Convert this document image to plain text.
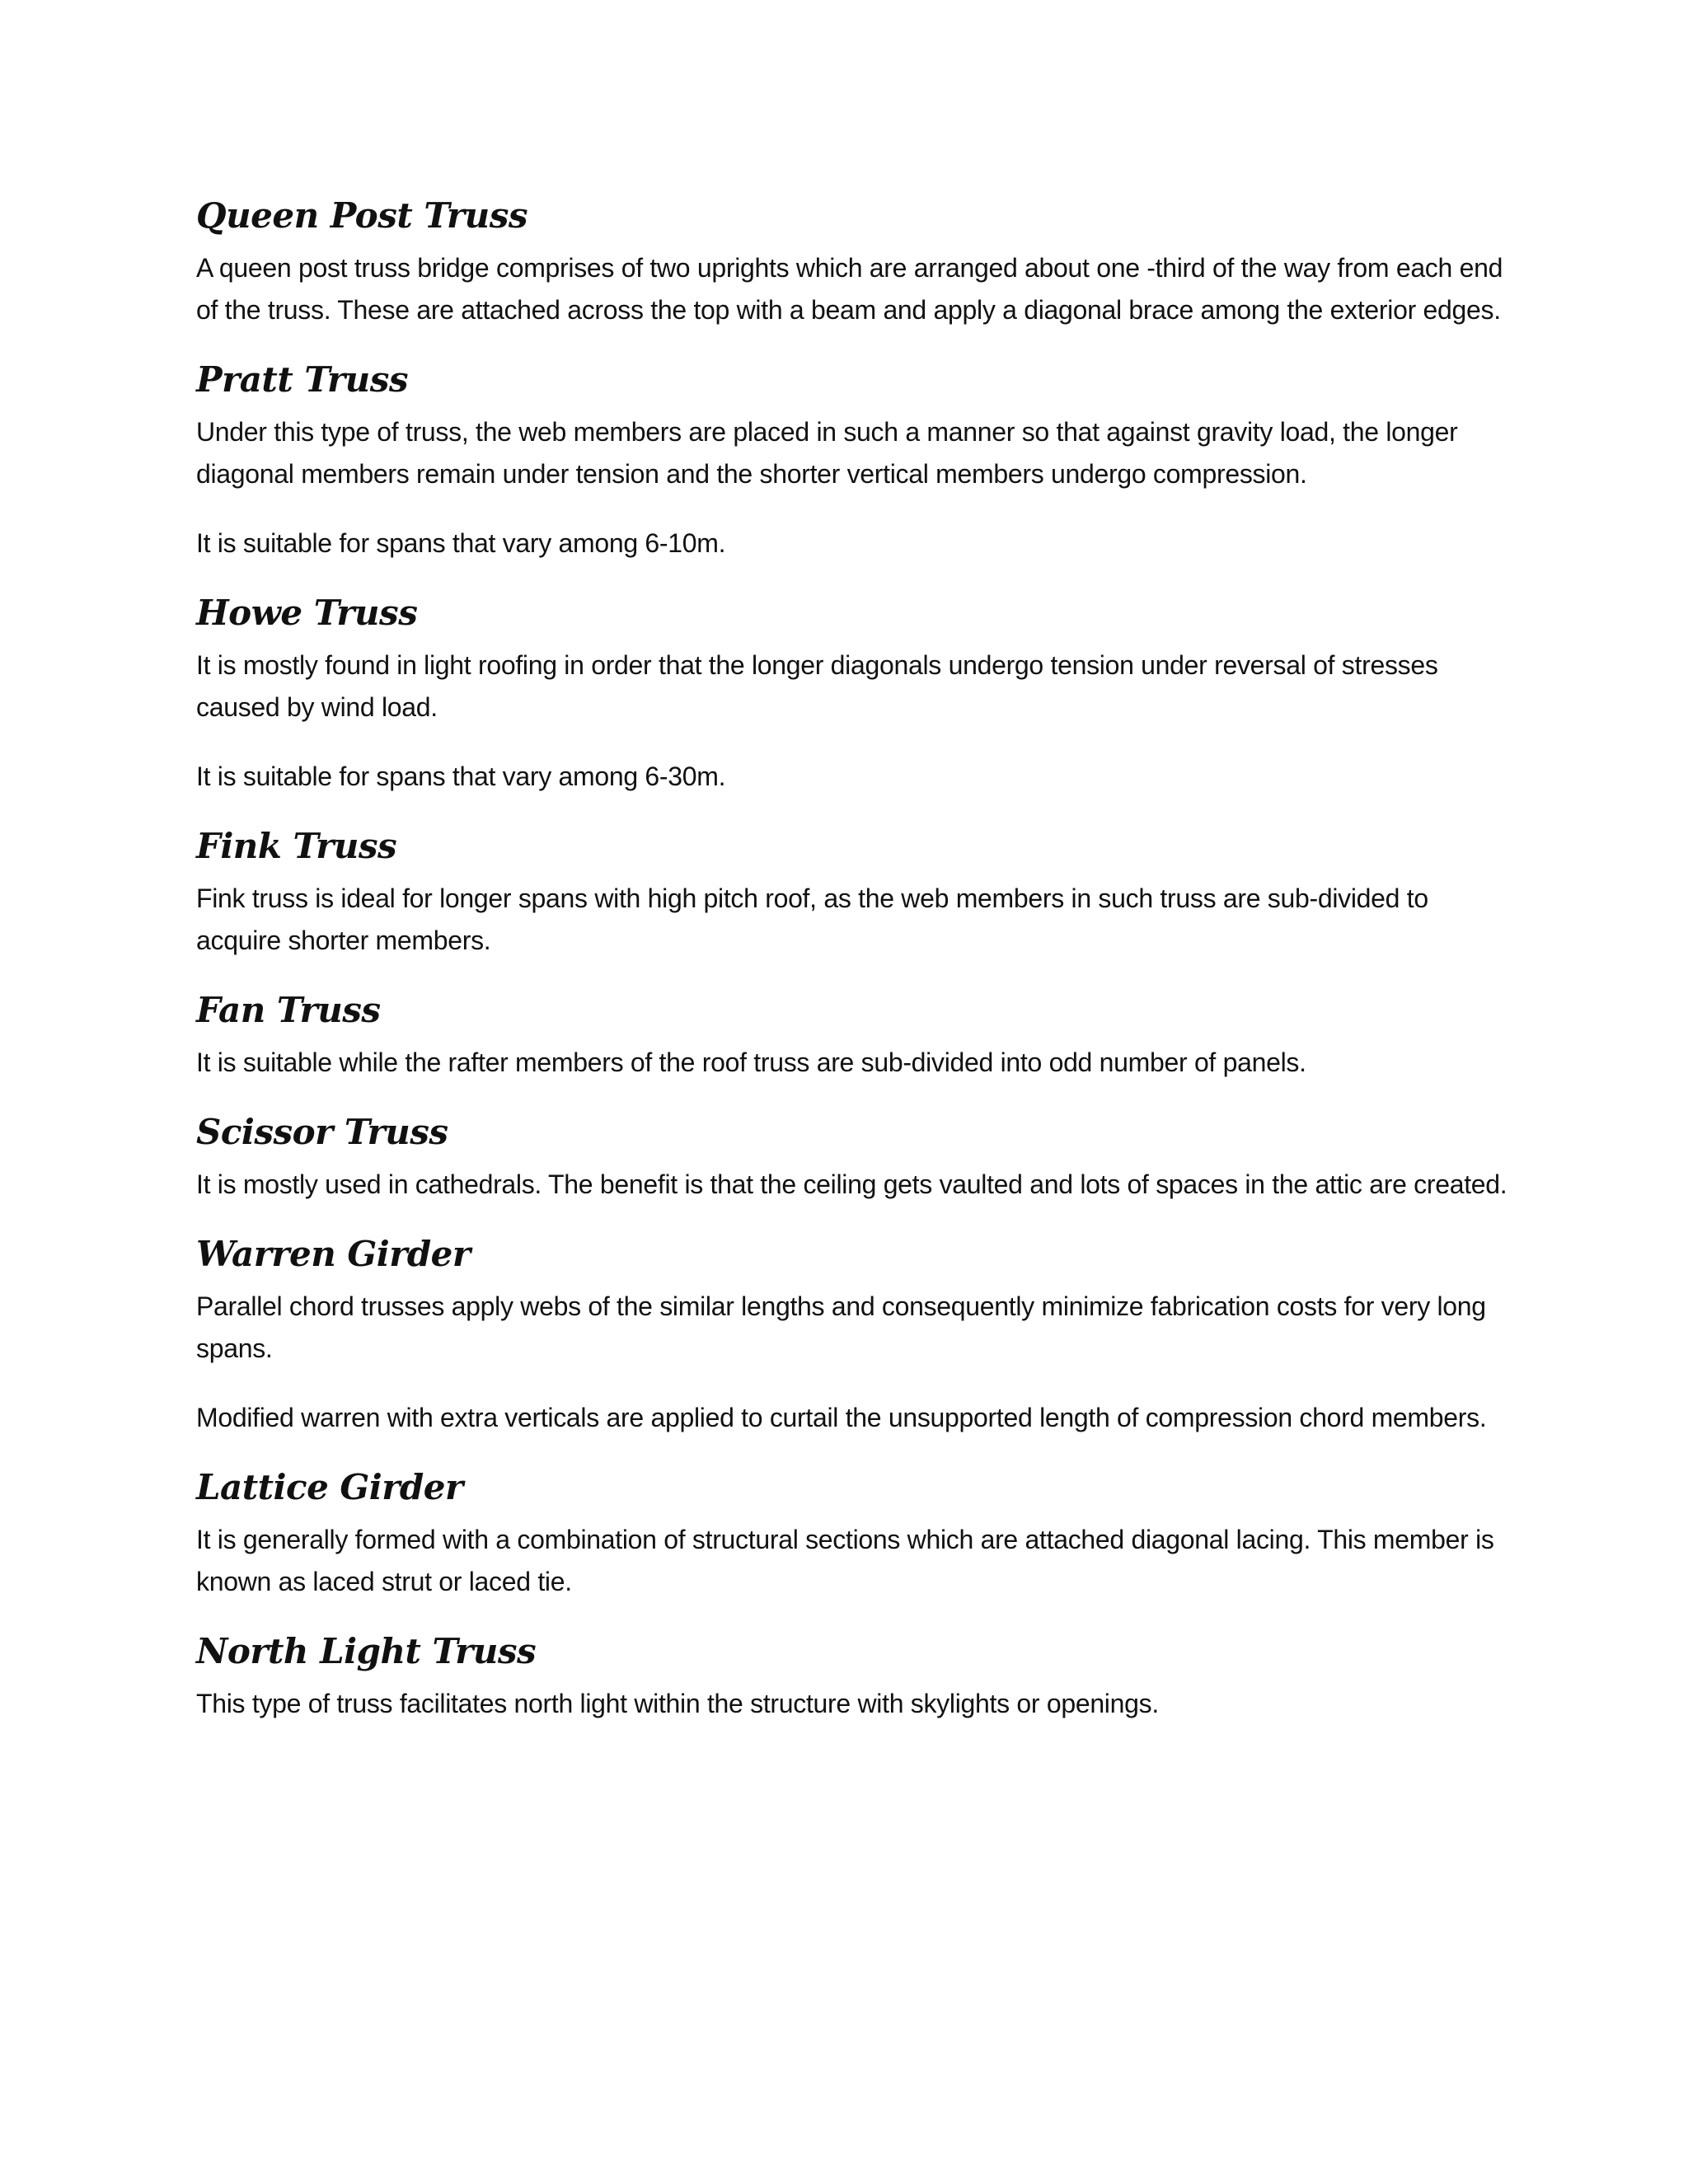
Queen Post Truss

A queen post truss bridge comprises of two uprights which are arranged about one -third of the way from each end of the truss. These are attached across the top with a beam and apply a diagonal brace among the exterior edges.

Pratt Truss

Under this type of truss, the web members are placed in such a manner so that against gravity load, the longer diagonal members remain under tension and the shorter vertical members undergo compression.

It is suitable for spans that vary among 6-10m.

Howe Truss

It is mostly found in light roofing in order that the longer diagonals undergo tension under reversal of stresses caused by wind load.

It is suitable for spans that vary among 6-30m.

Fink Truss

Fink truss is ideal for longer spans with high pitch roof, as the web members in such truss are sub-divided to acquire shorter members.

Fan Truss

It is suitable while the rafter members of the roof truss are sub-divided into odd number of panels.

Scissor Truss

It is mostly used in cathedrals. The benefit is that the ceiling gets vaulted and lots of spaces in the attic are created.

Warren Girder

Parallel chord trusses apply webs of the similar lengths and consequently minimize fabrication costs for very long spans.

Modified warren with extra verticals are applied to curtail the unsupported length of compression chord members.

Lattice Girder

It is generally formed with a combination of structural sections which are attached diagonal lacing. This member is known as laced strut or laced tie.

North Light Truss

This type of truss facilitates north light within the structure with skylights or openings.
